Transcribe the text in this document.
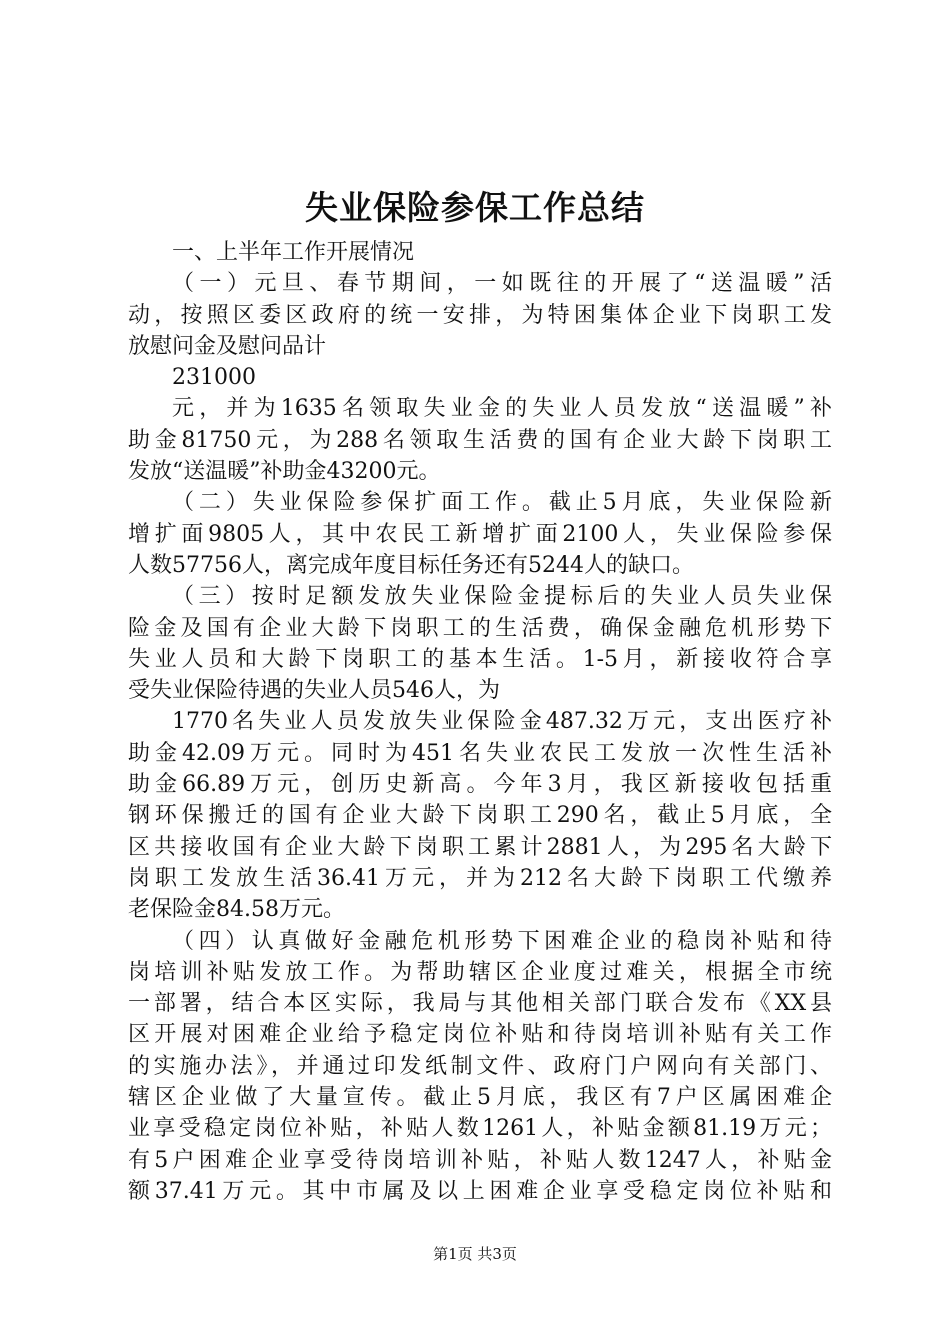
失业保险参保工作总结
一、上半年工作开展情况
（一）元旦、春节期间，一如既往的开展了“送温暖”活
动，按照区委区政府的统一安排，为特困集体企业下岗职工发
放慰问金及慰问品计
231000
元，并为1635名领取失业金的失业人员发放“送温暖”补
助金81750元，为288名领取生活费的国有企业大龄下岗职工
发放“送温暖”补助金43200元。
（二）失业保险参保扩面工作。截止5月底，失业保险新
增扩面9805人，其中农民工新增扩面2100人，失业保险参保
人数57756人，离完成年度目标任务还有5244人的缺口。
（三）按时足额发放失业保险金提标后的失业人员失业保
险金及国有企业大龄下岗职工的生活费，确保金融危机形势下
失业人员和大龄下岗职工的基本生活。1-5月，新接收符合享
受失业保险待遇的失业人员546人，为
1770名失业人员发放失业保险金487.32万元，支出医疗补
助金42.09万元。同时为451名失业农民工发放一次性生活补
助金66.89万元，创历史新高。今年3月，我区新接收包括重
钢环保搬迁的国有企业大龄下岗职工290名，截止5月底，全
区共接收国有企业大龄下岗职工累计2881人，为295名大龄下
岗职工发放生活36.41万元，并为212名大龄下岗职工代缴养
老保险金84.58万元。
（四）认真做好金融危机形势下困难企业的稳岗补贴和待
岗培训补贴发放工作。为帮助辖区企业度过难关，根据全市统
一部署，结合本区实际，我局与其他相关部门联合发布《XX县
区开展对困难企业给予稳定岗位补贴和待岗培训补贴有关工作
的实施办法》，并通过印发纸制文件、政府门户网向有关部门、
辖区企业做了大量宣传。截止5月底，我区有7户区属困难企
业享受稳定岗位补贴，补贴人数1261人，补贴金额81.19万元；
有5户困难企业享受待岗培训补贴，补贴人数1247人，补贴金
额37.41万元。其中市属及以上困难企业享受稳定岗位补贴和
第1页 共3页
